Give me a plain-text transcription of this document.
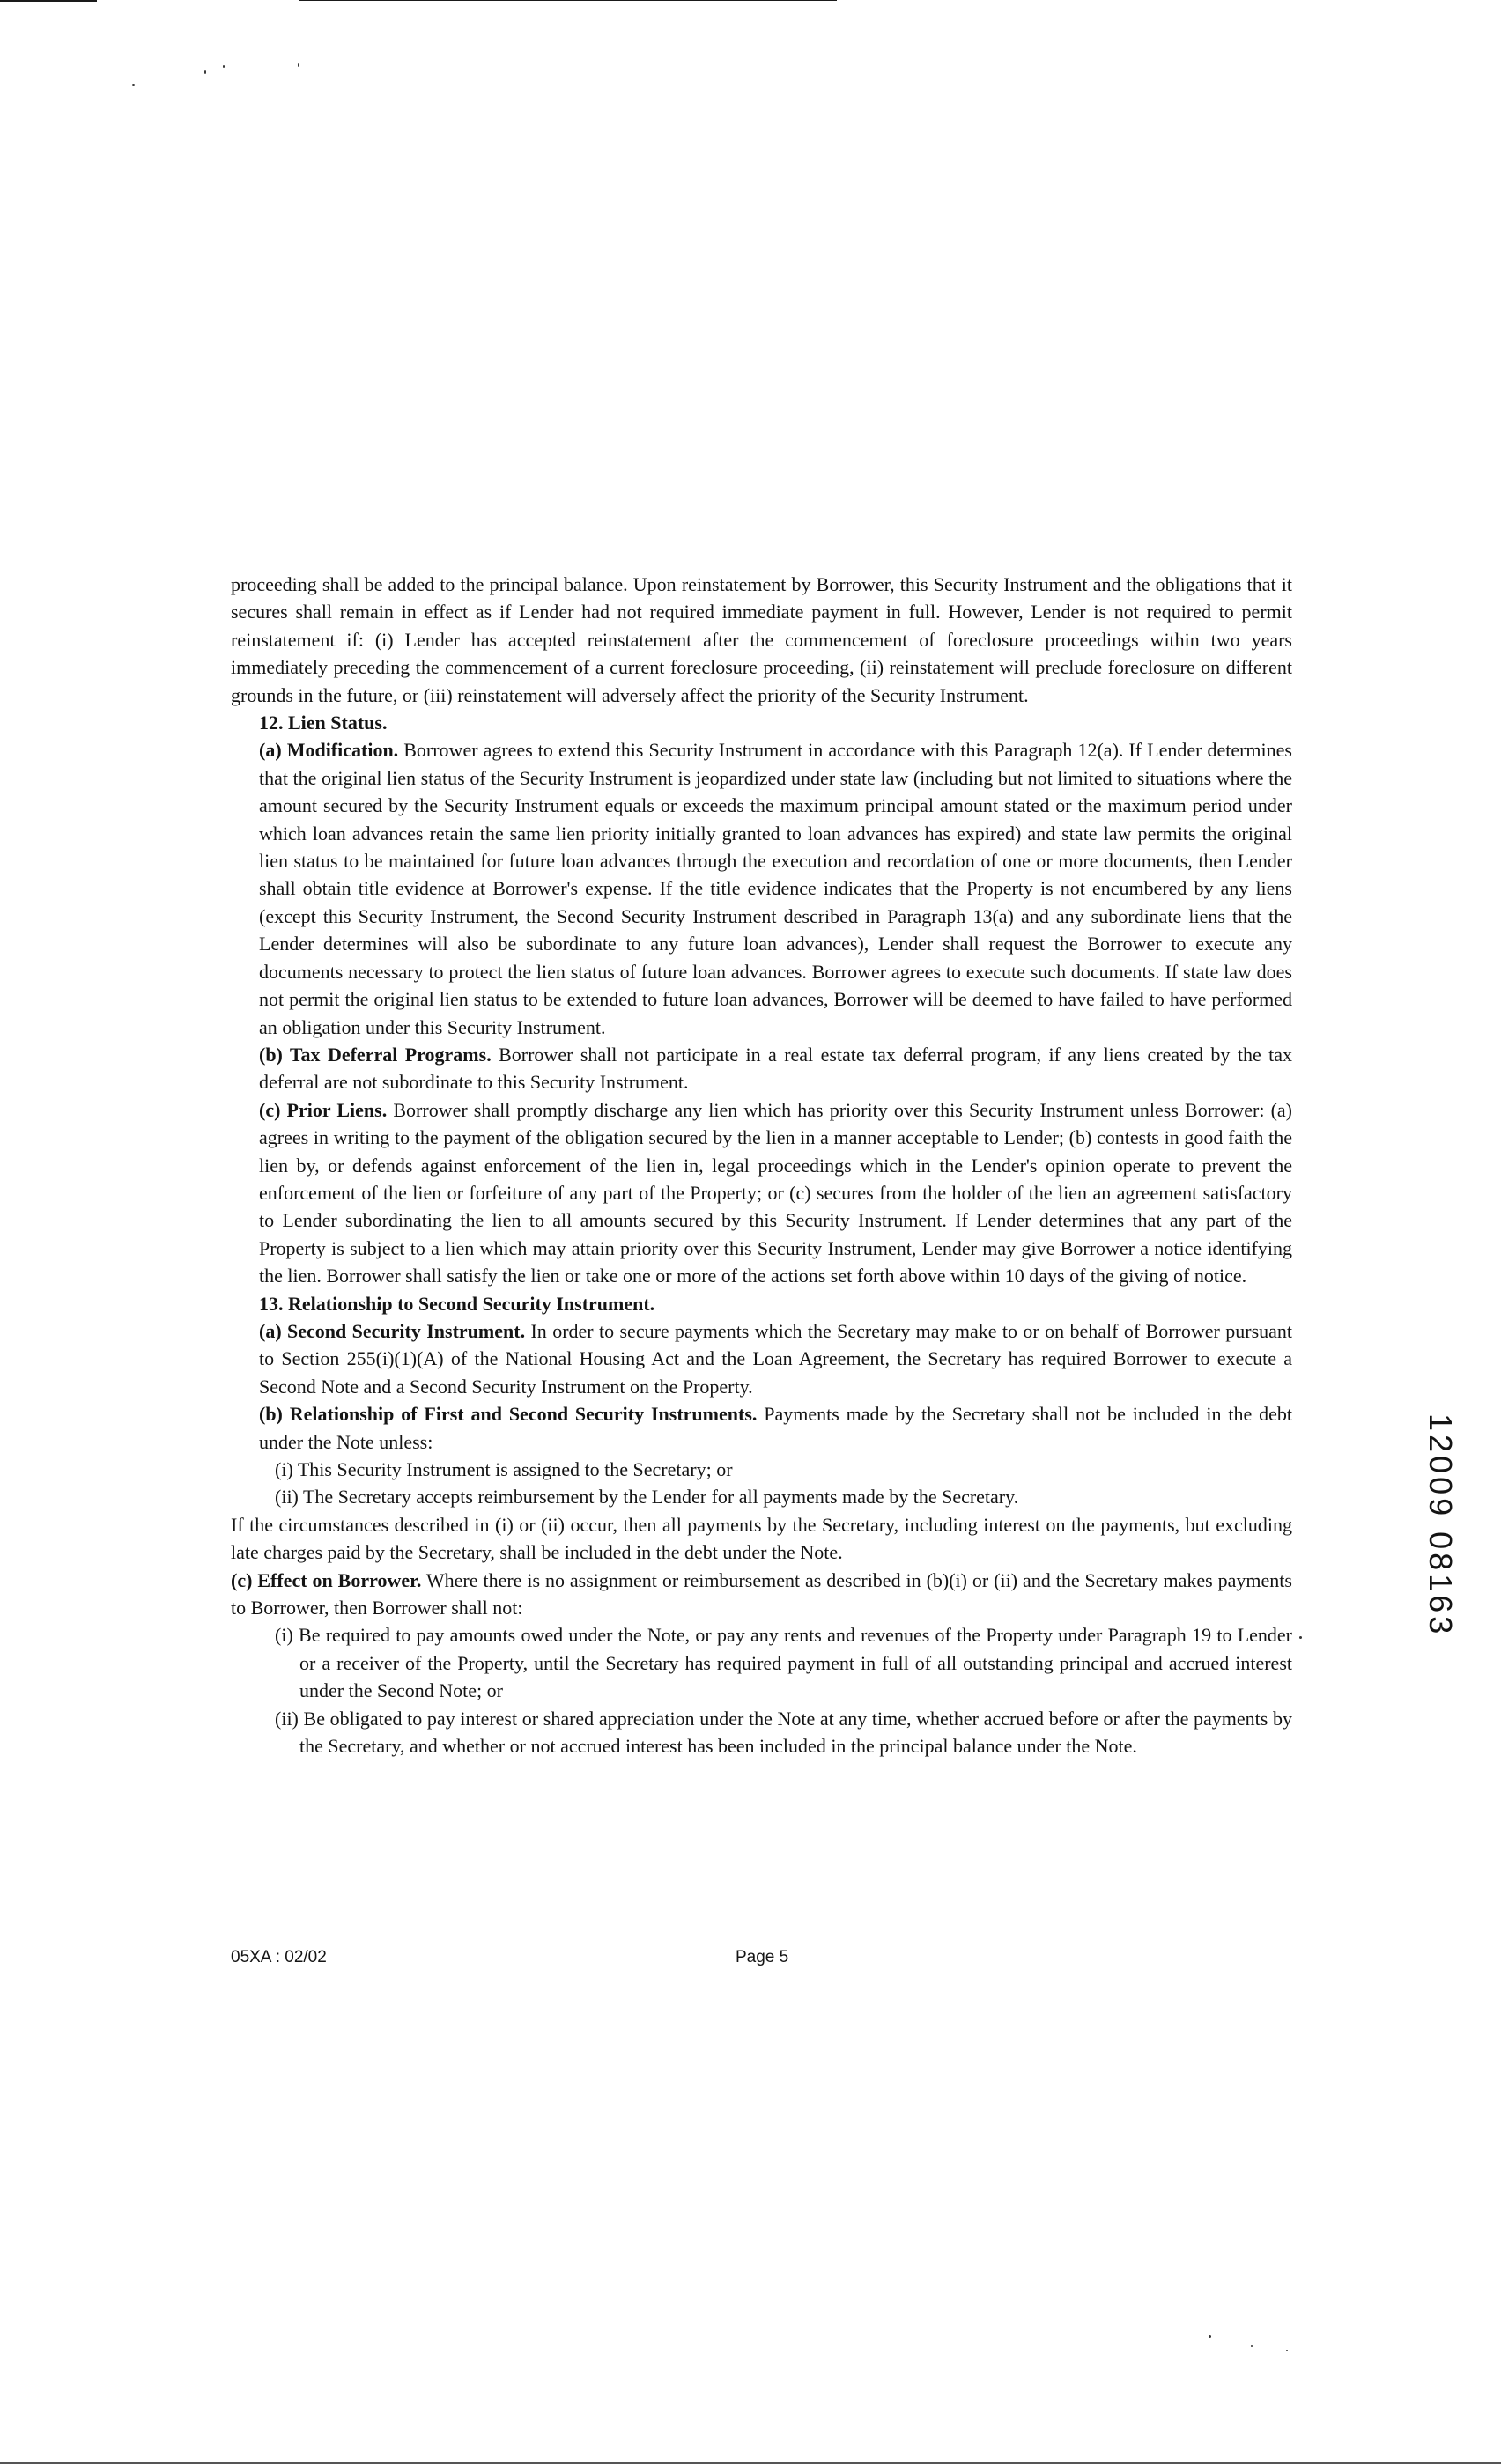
proceeding shall be added to the principal balance. Upon reinstatement by Borrower, this Security Instrument and the obligations that it secures shall remain in effect as if Lender had not required immediate payment in full. However, Lender is not required to permit reinstatement if: (i) Lender has accepted reinstatement after the commencement of foreclosure proceedings within two years immediately preceding the commencement of a current foreclosure proceeding, (ii) reinstatement will preclude foreclosure on different grounds in the future, or (iii) reinstatement will adversely affect the priority of the Security Instrument.

12. Lien Status.

(a) Modification. Borrower agrees to extend this Security Instrument in accordance with this Paragraph 12(a). If Lender determines that the original lien status of the Security Instrument is jeopardized under state law (including but not limited to situations where the amount secured by the Security Instrument equals or exceeds the maximum principal amount stated or the maximum period under which loan advances retain the same lien priority initially granted to loan advances has expired) and state law permits the original lien status to be maintained for future loan advances through the execution and recordation of one or more documents, then Lender shall obtain title evidence at Borrower's expense. If the title evidence indicates that the Property is not encumbered by any liens (except this Security Instrument, the Second Security Instrument described in Paragraph 13(a) and any subordinate liens that the Lender determines will also be subordinate to any future loan advances), Lender shall request the Borrower to execute any documents necessary to protect the lien status of future loan advances. Borrower agrees to execute such documents. If state law does not permit the original lien status to be extended to future loan advances, Borrower will be deemed to have failed to have performed an obligation under this Security Instrument.

(b) Tax Deferral Programs. Borrower shall not participate in a real estate tax deferral program, if any liens created by the tax deferral are not subordinate to this Security Instrument.

(c) Prior Liens. Borrower shall promptly discharge any lien which has priority over this Security Instrument unless Borrower: (a) agrees in writing to the payment of the obligation secured by the lien in a manner acceptable to Lender; (b) contests in good faith the lien by, or defends against enforcement of the lien in, legal proceedings which in the Lender's opinion operate to prevent the enforcement of the lien or forfeiture of any part of the Property; or (c) secures from the holder of the lien an agreement satisfactory to Lender subordinating the lien to all amounts secured by this Security Instrument. If Lender determines that any part of the Property is subject to a lien which may attain priority over this Security Instrument, Lender may give Borrower a notice identifying the lien. Borrower shall satisfy the lien or take one or more of the actions set forth above within 10 days of the giving of notice.

13. Relationship to Second Security Instrument.

(a) Second Security Instrument. In order to secure payments which the Secretary may make to or on behalf of Borrower pursuant to Section 255(i)(1)(A) of the National Housing Act and the Loan Agreement, the Secretary has required Borrower to execute a Second Note and a Second Security Instrument on the Property.

(b) Relationship of First and Second Security Instruments. Payments made by the Secretary shall not be included in the debt under the Note unless:

(i) This Security Instrument is assigned to the Secretary; or

(ii) The Secretary accepts reimbursement by the Lender for all payments made by the Secretary.

If the circumstances described in (i) or (ii) occur, then all payments by the Secretary, including interest on the payments, but excluding late charges paid by the Secretary, shall be included in the debt under the Note.

(c) Effect on Borrower. Where there is no assignment or reimbursement as described in (b)(i) or (ii) and the Secretary makes payments to Borrower, then Borrower shall not:

(i) Be required to pay amounts owed under the Note, or pay any rents and revenues of the Property under Paragraph 19 to Lender or a receiver of the Property, until the Secretary has required payment in full of all outstanding principal and accrued interest under the Second Note; or

(ii) Be obligated to pay interest or shared appreciation under the Note at any time, whether accrued before or after the payments by the Secretary, and whether or not accrued interest has been included in the principal balance under the Note.

05XA : 02/02	Page 5
12009 08163
